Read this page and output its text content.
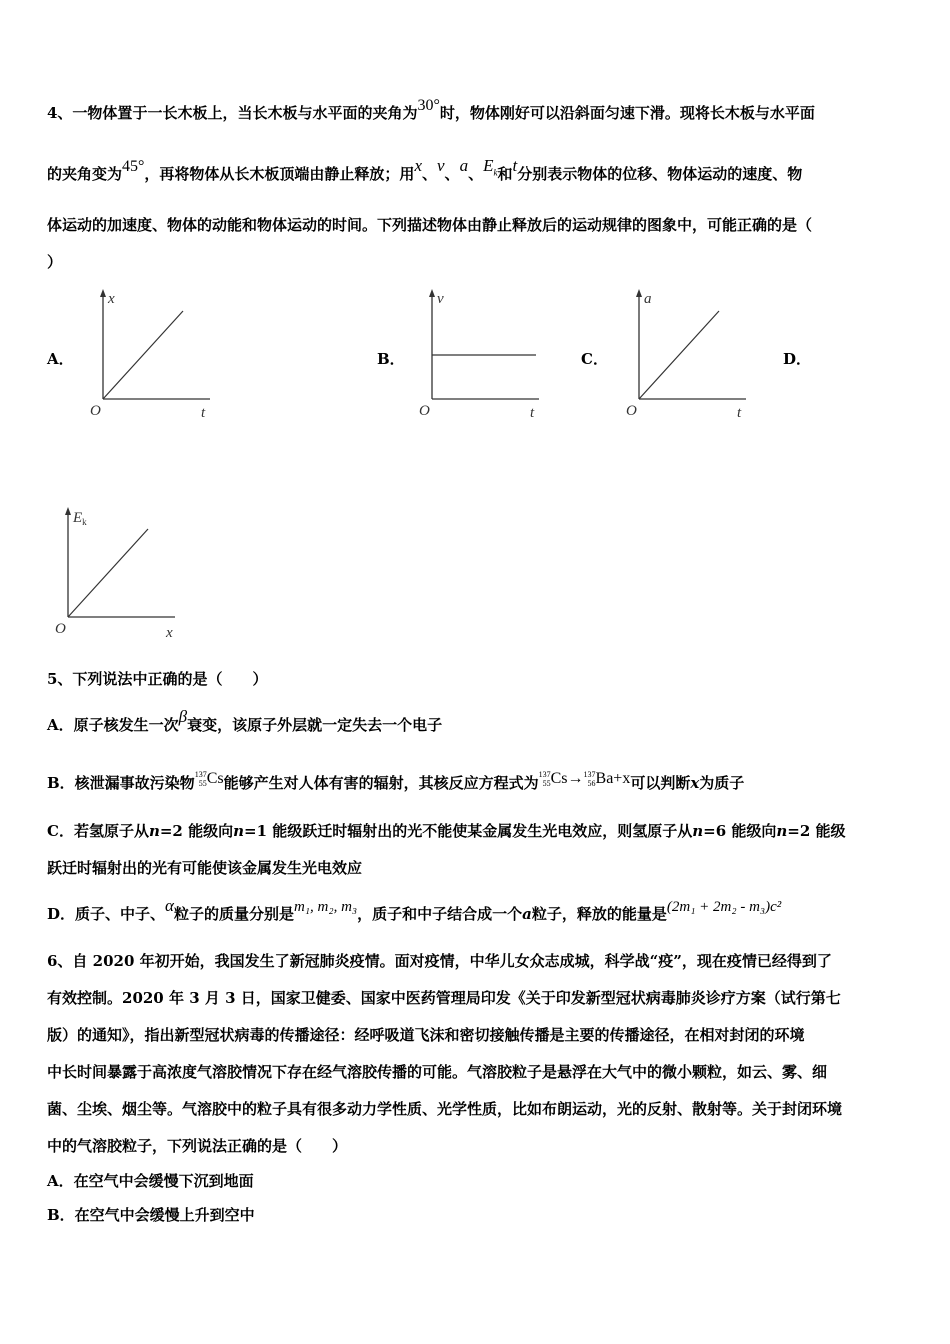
4、一物体置于一长木板上，当长木板与水平面的夹角为30°时，物体刚好可以沿斜面匀速下滑。现将长木板与水平面
的夹角变为45°，再将物体从长木板顶端由静止释放；用x、v、a、$E_k$和t分别表示物体的位移、物体运动的速度、物
体运动的加速度、物体的动能和物体运动的时间。下列描述物体由静止释放后的运动规律的图象中，可能正确的是（
）
A．	B．	C．	D．
x
O	t
v
O	t
a
O	t
$E_k$
O	x
5、下列说法中正确的是（　　）
A．原子核发生一次β衰变，该原子外层就一定失去一个电子
B．核泄漏事故污染物 137
55 Cs能够产生对人体有害的辐射，其核反应方程式为 137
55 Cs→ 137
56 Ba+x可以判断x为质子
C．若氢原子从n=2 能级向n=1 能级跃迁时辐射出的光不能使某金属发生光电效应，则氢原子从n=6 能级向n=2 能级
跃迁时辐射出的光有可能使该金属发生光电效应
D．质子、中子、α粒子的质量分别是m₁, m₂, m₃，质子和中子结合成一个a粒子，释放的能量是(2m₁ + 2m₂ - m₃)c²
6、自 2020 年初开始，我国发生了新冠肺炎疫情。面对疫情，中华儿女众志成城，科学战“疫”，现在疫情已经得到了
有效控制。2020 年 3 月 3 日，国家卫健委、国家中医药管理局印发《关于印发新型冠状病毒肺炎诊疗方案（试行第七
版）的通知》，指出新型冠状病毒的传播途径：经呼吸道飞沫和密切接触传播是主要的传播途径，在相对封闭的环境
中长时间暴露于高浓度气溶胶情况下存在经气溶胶传播的可能。气溶胶粒子是悬浮在大气中的微小颗粒，如云、雾、细
菌、尘埃、烟尘等。气溶胶中的粒子具有很多动力学性质、光学性质，比如布朗运动，光的反射、散射等。关于封闭环境
中的气溶胶粒子，下列说法正确的是（　　）
A．在空气中会缓慢下沉到地面
B．在空气中会缓慢上升到空中
